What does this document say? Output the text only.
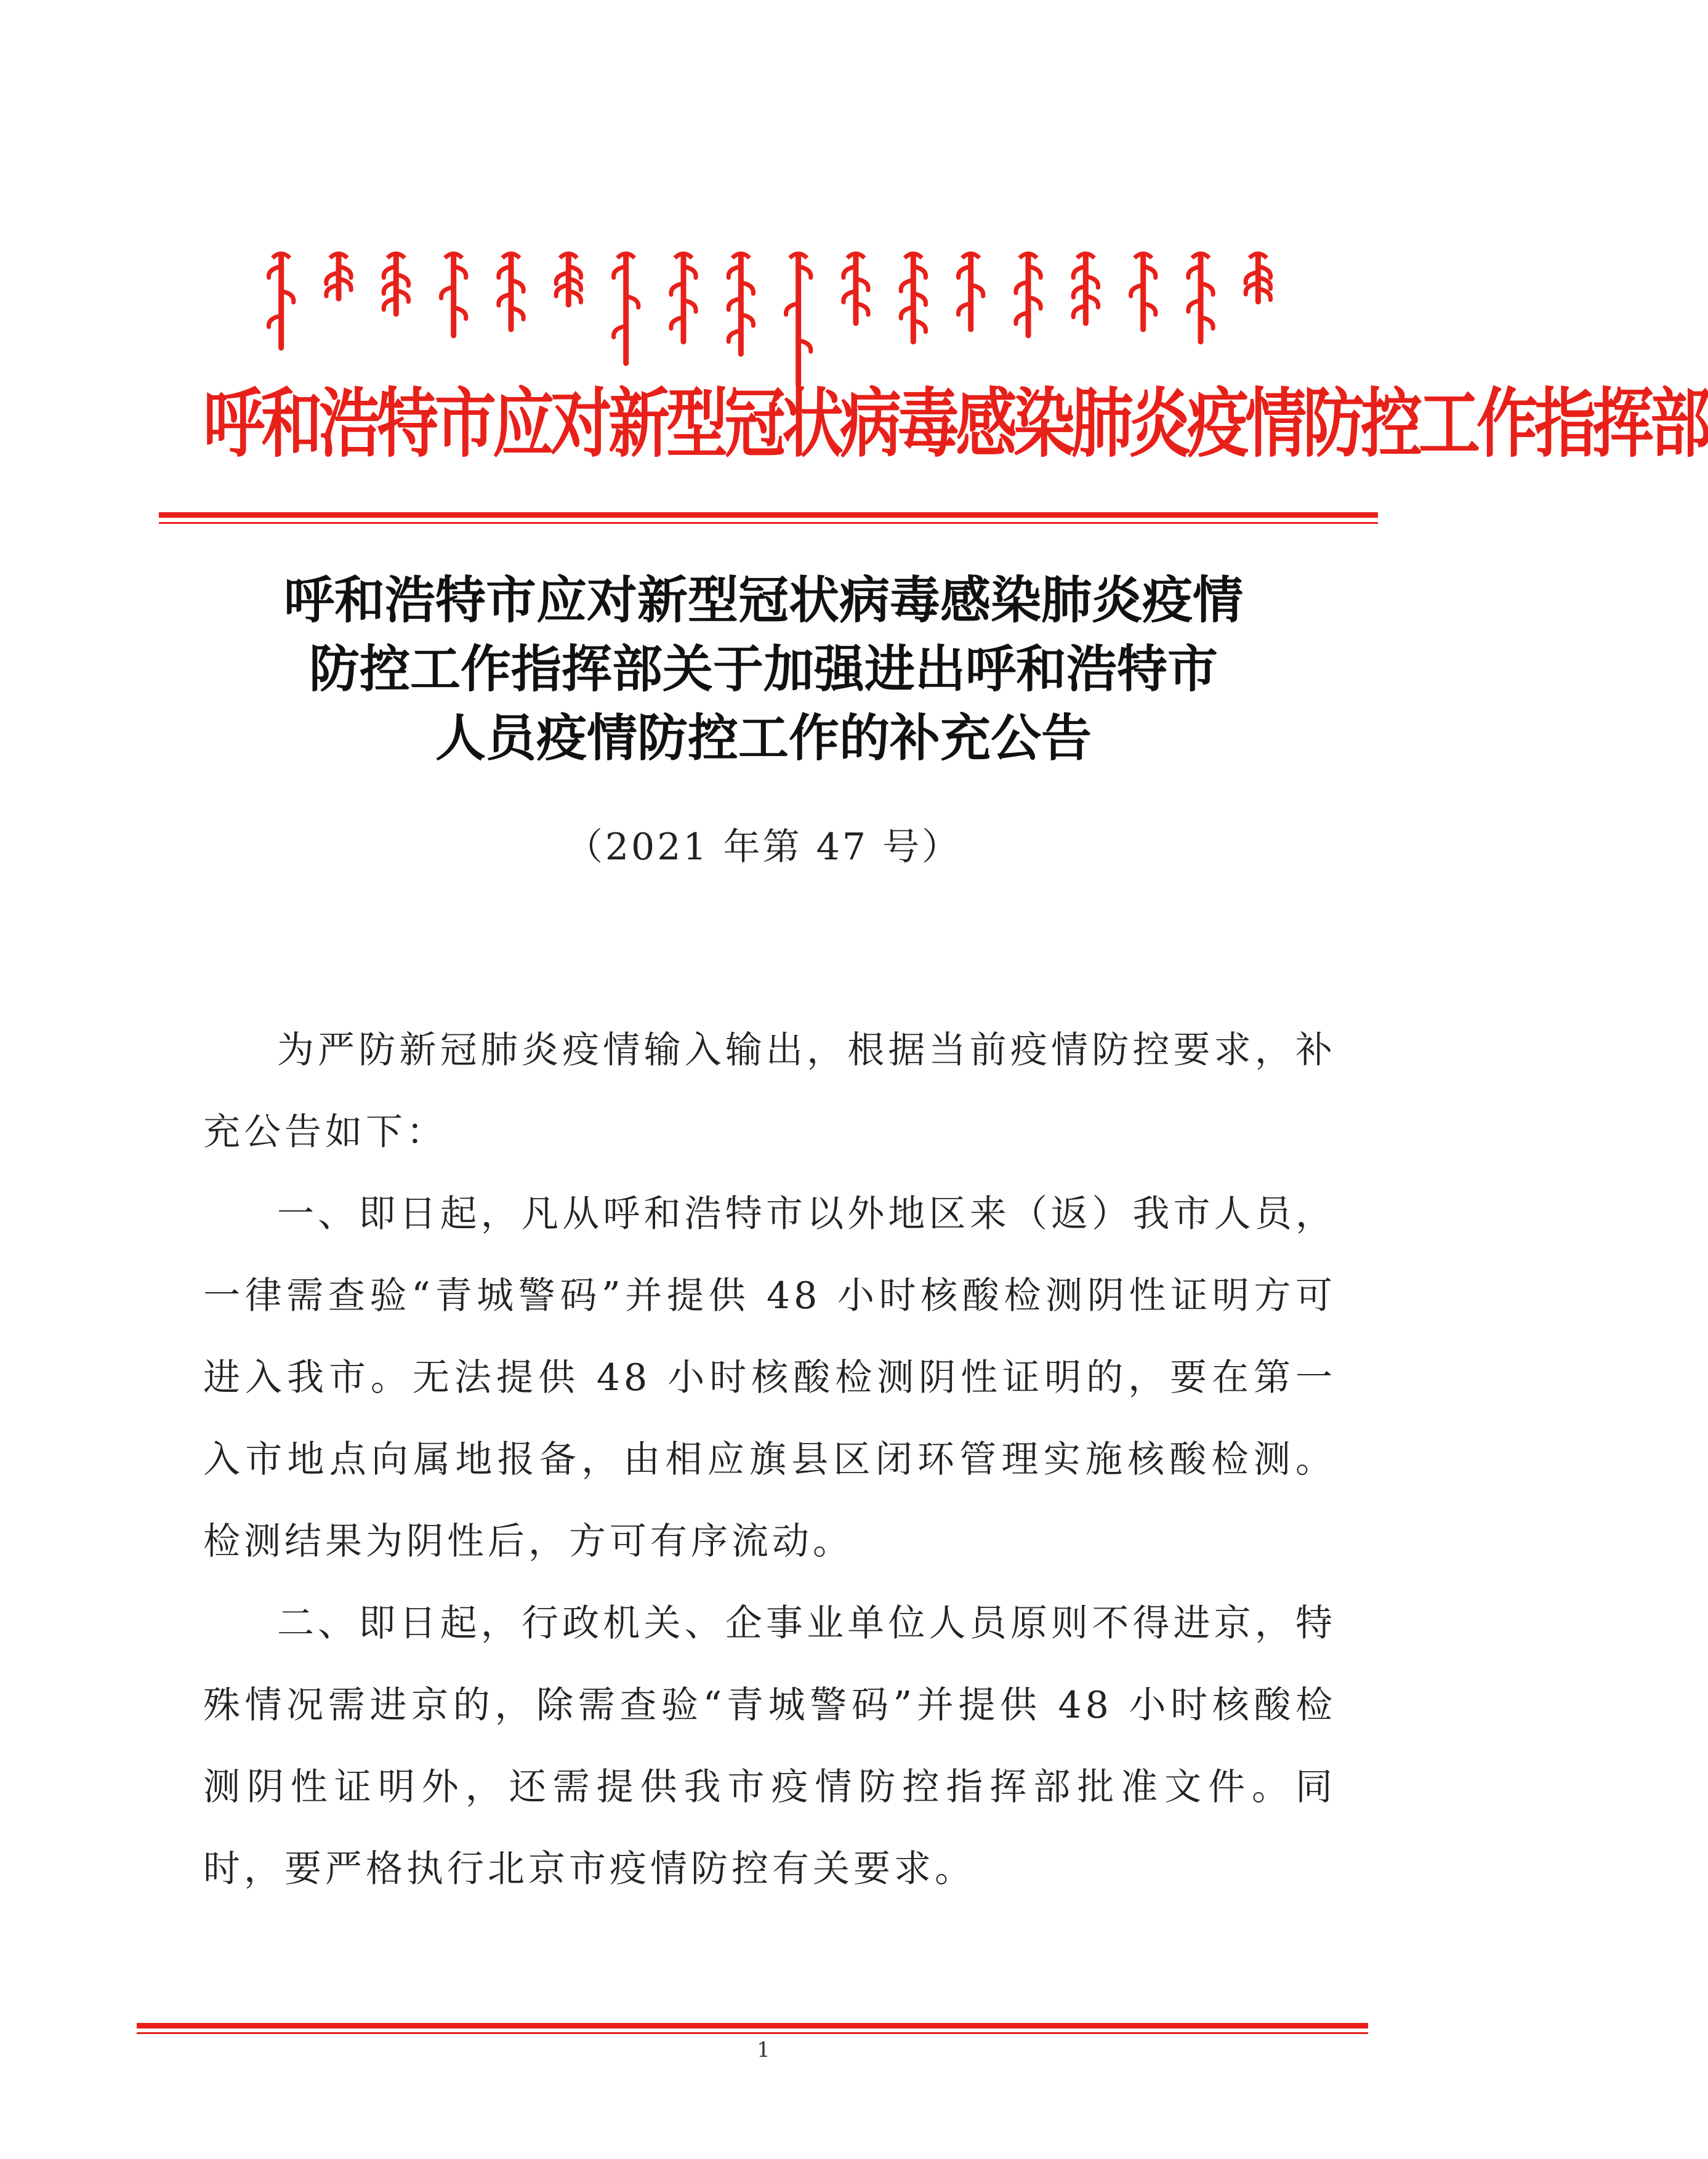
呼和浩特市应对新型冠状病毒感染肺炎疫情防控工作指挥部
呼和浩特市应对新型冠状病毒感染肺炎疫情
防控工作指挥部关于加强进出呼和浩特市
人员疫情防控工作的补充公告
（2021 年第 47 号）

为严防新冠肺炎疫情输入输出，根据当前疫情防控要求，补充公告如下：

一、即日起，凡从呼和浩特市以外地区来（返）我市人员，一律需查验“青城警码”并提供 48 小时核酸检测阴性证明方可进入我市。无法提供 48 小时核酸检测阴性证明的，要在第一入市地点向属地报备，由相应旗县区闭环管理实施核酸检测。检测结果为阴性后，方可有序流动。

二、即日起，行政机关、企事业单位人员原则不得进京，特殊情况需进京的，除需查验“青城警码”并提供 48 小时核酸检测阴性证明外，还需提供我市疫情防控指挥部批准文件。同时，要严格执行北京市疫情防控有关要求。

1
